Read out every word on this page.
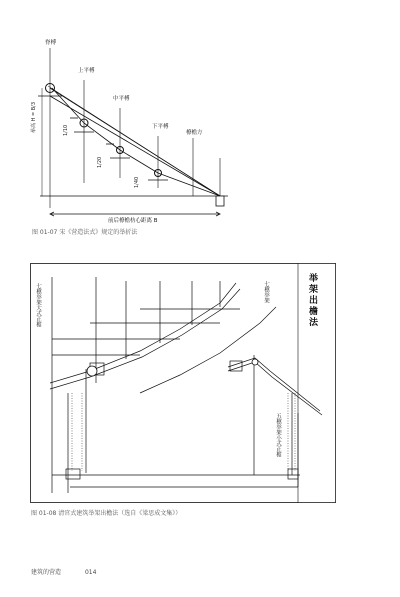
举高 H = B/3	1/10
1/20
1/40
脊榑
上平榑
中平榑
下平榑
橑檐方
前后橑檐枋心距离 B
图 01-07 宋《营造法式》规定的举折法
举架出檐法
七檩举架大式正檐	七檩举架
五檩举架小式正檐
图 01-08 清官式建筑举架出檐法（选自《梁思成文集》）
建筑的营造	014
